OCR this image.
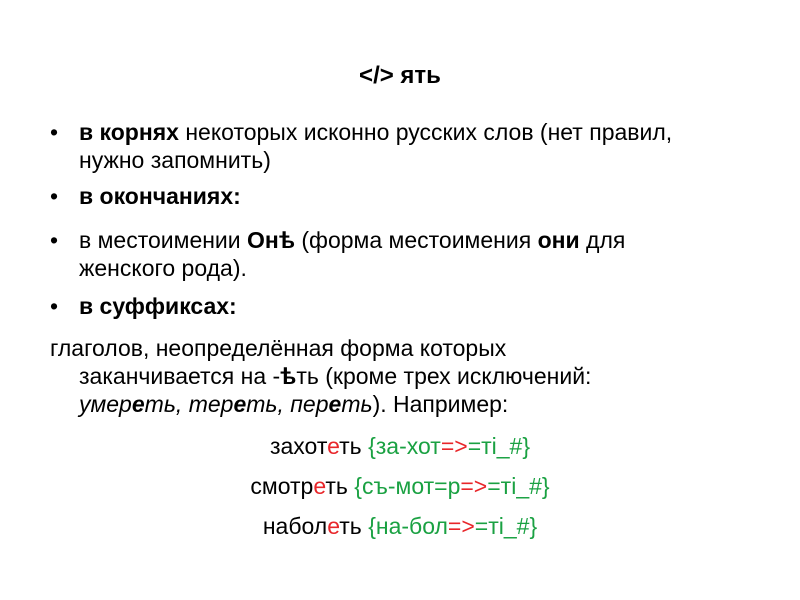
</> ять
• в корнях некоторых исконно русских слов (нет правил, нужно запомнить)
• в окончаниях:
• в местоимении Онѣ (форма местоимения они для женского рода).
• в суффиксах:
глаголов, неопределённая форма которых
заканчивается на -ѣть (кроме трех исключений:
умереть, тереть, переть). Например:
захотеть {за-хот=>=ті_#}
смотреть {съ-мот=р=>=ті_#}
наболеть {на-бол=>=ті_#}
